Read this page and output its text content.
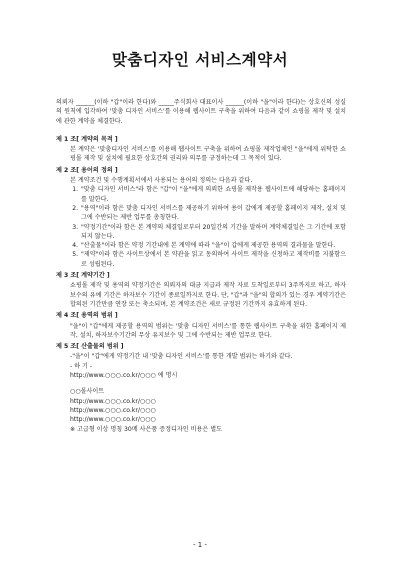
맞춤디자인 서비스계약서

의뢰자 ______(이하 "갑"이라 한다)와 _____주식회사 대표이사 ______(이하 "을"이라 한다)는 상호신의 성실의 원칙에 입각하여 '맞춤 디자인 서비스'를 이용해 웹사이트 구축을 위하여 다음과 같이 쇼핑몰 제작 및 설치에 관한 계약을 체결한다.

제 1 조[ 계약의 목적 ]

본 계약은 '맞춤디자인 서비스'를 이용해 웹사이트 구축을 위하여 쇼핑몰 제작업체인 "을"에게 위탁한 쇼핑몰 제작 및 설치에 필요한 상호간의 권리와 의무를 규정하는데 그 목적이 있다.

제 2 조[ 용어의 정의 ]

본 계약조건 및 수행계획서에서 사용되는 용어의 정의는 다음과 같다.

1. "맞춤 디자인 서비스"라 함은 "갑"이 "을"에게 의뢰한 쇼핑몰 제작용 웹사이트에 해당하는 홈페이지를 말한다.
2. "용역"이라 함은 맞춤 디자인 서비스를 제공하기 위하여 용이 갑에게 제공할 홈페이지 제작, 설치 및 그에 수반되는 제반 업무를 총칭한다.
3. "약정기간"이라 함은 본 계약의 체결일로부터 20일간의 기간을 말하며 계약체결일은 그 기간에 포함되지 않는다.
4. "산출물"이라 함은 약정 기간내에 본 계약에 따라 "을"이 갑에게 제공한 용역의 결과물을 말한다.
5. "제약"이라 함은 사이트상에서 본 약관을 읽고 동의하여 사이트 제작을 신청하고 제작비를 지불함으로 성립된다.

제 3 조[ 계약기간 ]

쇼핑몰 제작 및 용역의 약정기간은 의뢰자의 대금 지급과 제작 자료 도착일로부터 3주까지로 하고, 하자보수의 유예 기간은 하자보수 기간이 종료일까지로 한다. 단, "갑"과 "을"의 합의가 있는 경우 계약기간은 합의된 기간만큼 연장 또는 축소되며, 본 계약조건은 새로 규정된 기간까지 유효하게 된다.

제 4 조[ 용역의 범위 ]

"을"이 "갑"에게 제공할 용역의 범위는 '맞춤 디자인 서비스'를 통한 웹사이트 구축을 위한 홈페이지 제작, 설치, 하자보수기간의 무상 유지보수 및 그에 수반되는 제반 업무로 한다.

제 5 조[ 산출물의 범위 ]

-"을"이 "갑"에게 약정기간 내 '맞춤 디자인 서비스'를 통한 개발 범위는 하기와 같다.

- 하 기 -

http://www.○○○.co.kr/○○○ 에 명시

○○몰사이트

http://www.○○○.co.kr/○○○

http://www.○○○.co.kr/○○○

http://www.○○○.co.kr/○○○

※ 고급형 이상 명칭 30메 사은품 증정디자인 비용은 별도

- 1 -
